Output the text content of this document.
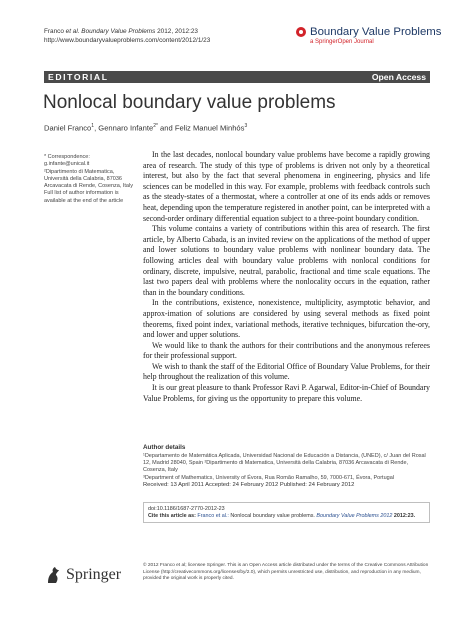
Franco et al. Boundary Value Problems 2012, 2012:23
http://www.boundaryvalueproblems.com/content/2012/1/23
Boundary Value Problems
a SpringerOpen Journal
EDITORIAL	Open Access
Nonlocal boundary value problems
Daniel Franco$^1$, Gennaro Infante$^{2*}$ and Feliz Manuel Minhós$^3$

* Correspondence: g.infante@unical.it

²Dipartimento di Matematica, Università della Calabria, 87036 Arcavacata di Rende, Cosenza, Italy

Full list of author information is available at the end of the article

In the last decades, nonlocal boundary value problems have become a rapidly growing area of research. The study of this type of problems is driven not only by a theoretical interest, but also by the fact that several phenomena in engineering, physics and life sciences can be modelled in this way. For example, problems with feedback controls such as the steady-states of a thermostat, where a controller at one of its ends adds or removes heat, depending upon the temperature registered in another point, can be interpreted with a second-order ordinary differential equation subject to a three-point boundary condition.

This volume contains a variety of contributions within this area of research. The first article, by Alberto Cabada, is an invited review on the applications of the method of upper and lower solutions to boundary value problems with nonlinear boundary data. The following articles deal with boundary value problems with nonlocal conditions for ordinary, discrete, impulsive, neutral, parabolic, fractional and time scale equations. The last two papers deal with problems where the nonlocality occurs in the equation, rather than in the boundary conditions.

In the contributions, existence, nonexistence, multiplicity, asymptotic behavior, and approx-imation of solutions are considered by using several methods as fixed point theorems, fixed point index, variational methods, iterative techniques, bifurcation the-ory, and lower and upper solutions.

We would like to thank the authors for their contributions and the anonymous referees for their professional support.

We wish to thank the staff of the Editorial Office of Boundary Value Problems, for their help throughout the realization of this volume.

It is our great pleasure to thank Professor Ravi P. Agarwal, Editor-in-Chief of Boundary Value Problems, for giving us the opportunity to prepare this volume.

Author details
¹Departamento de Matemática Aplicada, Universidad Nacional de Educación a Distancia, (UNED), c/ Juan del Rosal 12, Madrid 28040, Spain ²Dipartimento di Matematica, Università della Calabria, 87036 Arcavacata di Rende, Cosenza, Italy
³Department of Mathematics, University of Évora, Rua Romão Ramalho, 59, 7000-671, Évora, Portugal
Received: 13 April 2011 Accepted: 24 February 2012 Published: 24 February 2012
doi:10.1186/1687-2770-2012-23
Cite this article as: Franco et al.: Nonlocal boundary value problems. Boundary Value Problems 2012 2012:23.
Springer
© 2012 Franco et al; licensee Springer. This is an Open Access article distributed under the terms of the Creative Commons Attribution License (http://creativecommons.org/licenses/by/2.0), which permits unrestricted use, distribution, and reproduction in any medium, provided the original work is properly cited.
